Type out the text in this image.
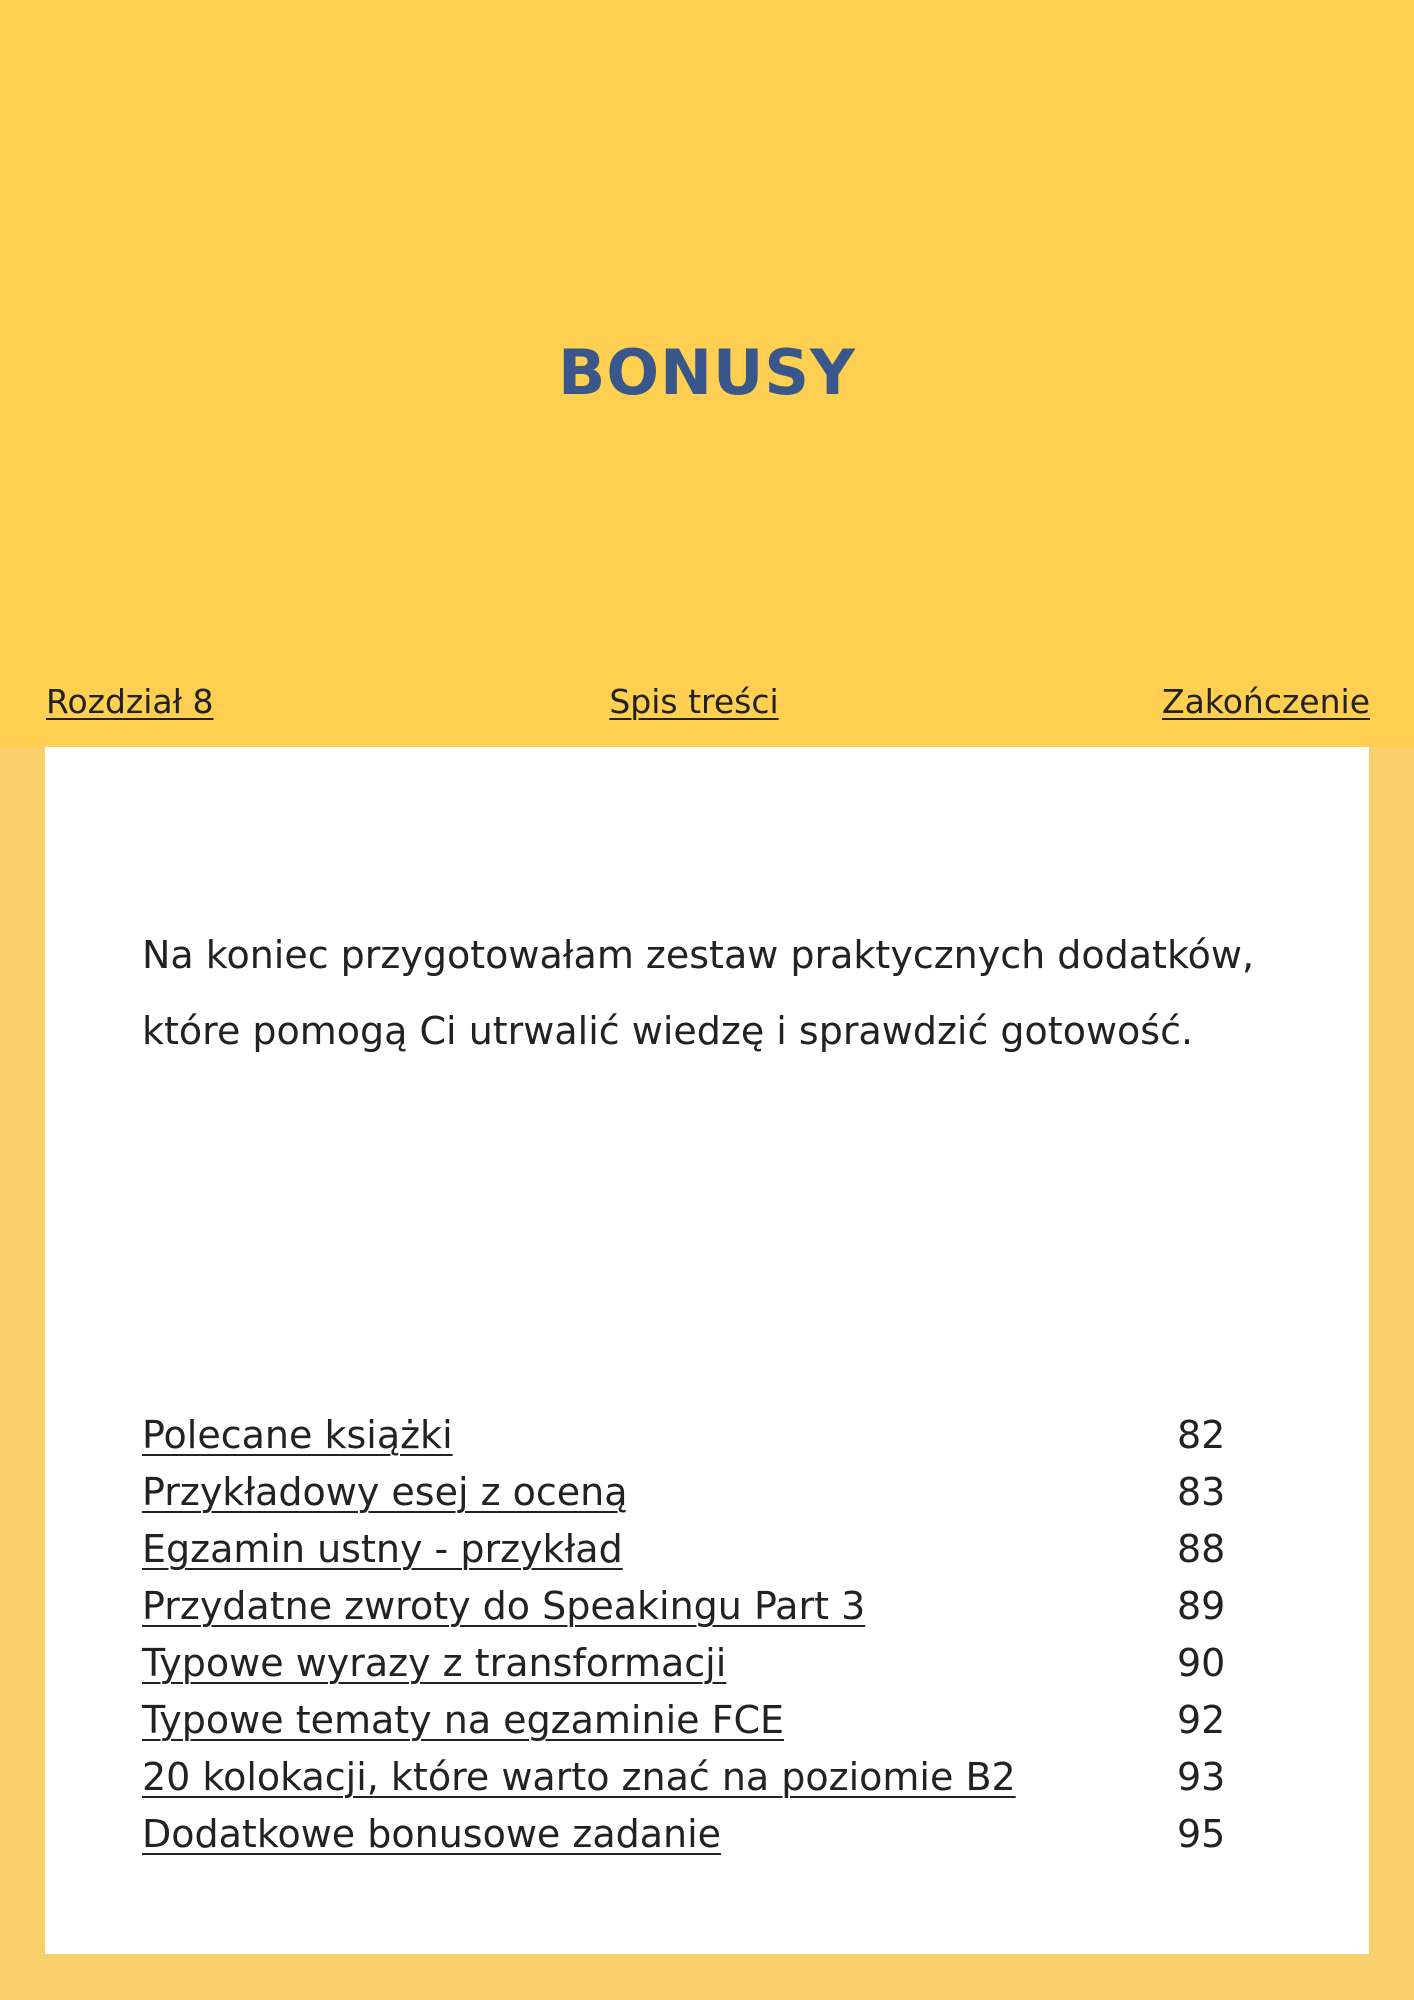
BONUSY
Rozdział 8	Spis treści	Zakończenie

Na koniec przygotowałam zestaw praktycznych dodatków, które pomogą Ci utrwalić wiedzę i sprawdzić gotowość.

Polecane książki	82
Przykładowy esej z oceną	83
Egzamin ustny - przykład	88
Przydatne zwroty do Speakingu Part 3	89
Typowe wyrazy z transformacji	90
Typowe tematy na egzaminie FCE	92
20 kolokacji, które warto znać na poziomie B2	93
Dodatkowe bonusowe zadanie	95
